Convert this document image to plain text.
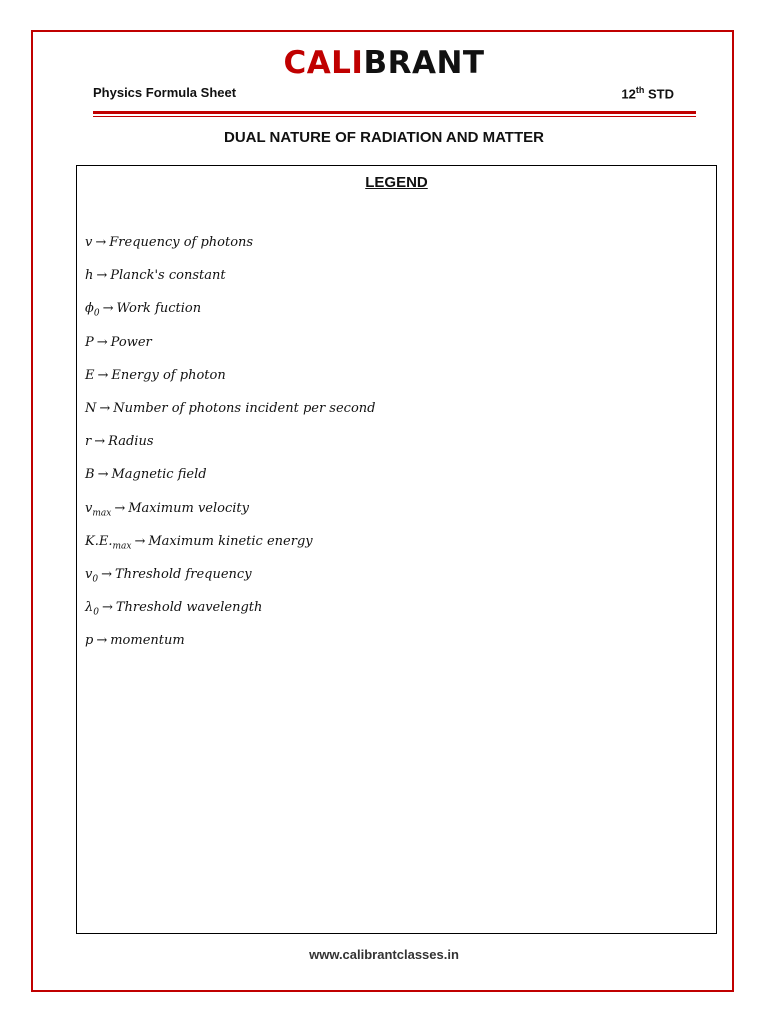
CALIBRANT
Physics Formula Sheet	12th STD
DUAL NATURE OF RADIATION AND MATTER
LEGEND
v → Frequency of photons
h → Planck's constant
$\phi_0$ → Work fuction
P → Power
E → Energy of photon
N → Number of photons incident per second
r → Radius
B → Magnetic field
$v_{max}$ → Maximum velocity
$K.E._{max}$ → Maximum kinetic energy
$v_0$ → Threshold frequency
$\lambda_0$ → Threshold wavelength
p → momentum
www.calibrantclasses.in
